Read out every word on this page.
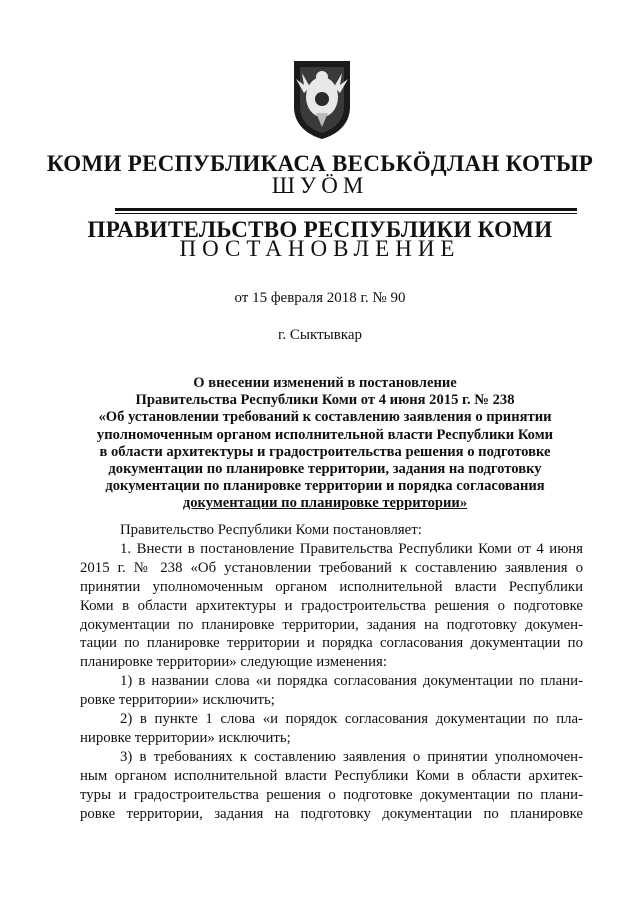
КОМИ РЕСПУБЛИКАСА ВЕСЬКӦДЛАН КОТЫР
ШУӦМ
ПРАВИТЕЛЬСТВО РЕСПУБЛИКИ КОМИ
ПОСТАНОВЛЕНИЕ
от 15 февраля 2018 г. № 90
г. Сыктывкар
О внесении изменений в постановление
Правительства Республики Коми от 4 июня 2015 г. № 238
«Об установлении требований к составлению заявления о принятии
уполномоченным органом исполнительной власти Республики Коми
в области архитектуры и градостроительства решения о подготовке
документации по планировке территории, задания на подготовку
документации по планировке территории и порядка согласования
документации по планировке территории»
Правительство Республики Коми постановляет:
1. Внести в постановление Правительства Республики Коми от 4 июня
2015 г. № 238 «Об установлении требований к составлению заявления о
принятии уполномоченным органом исполнительной власти Республики
Коми в области архитектуры и градостроительства решения о подготовке
документации по планировке территории, задания на подготовку докумен-
тации по планировке территории и порядка согласования документации по
планировке территории» следующие изменения:
1) в названии слова «и порядка согласования документации по плани-
ровке территории» исключить;
2) в пункте 1 слова «и порядок согласования документации по пла-
нировке территории» исключить;
3) в требованиях к составлению заявления о принятии уполномочен-
ным органом исполнительной власти Республики Коми в области архитек-
туры и градостроительства решения о подготовке документации по плани-
ровке территории, задания на подготовку документации по планировке
